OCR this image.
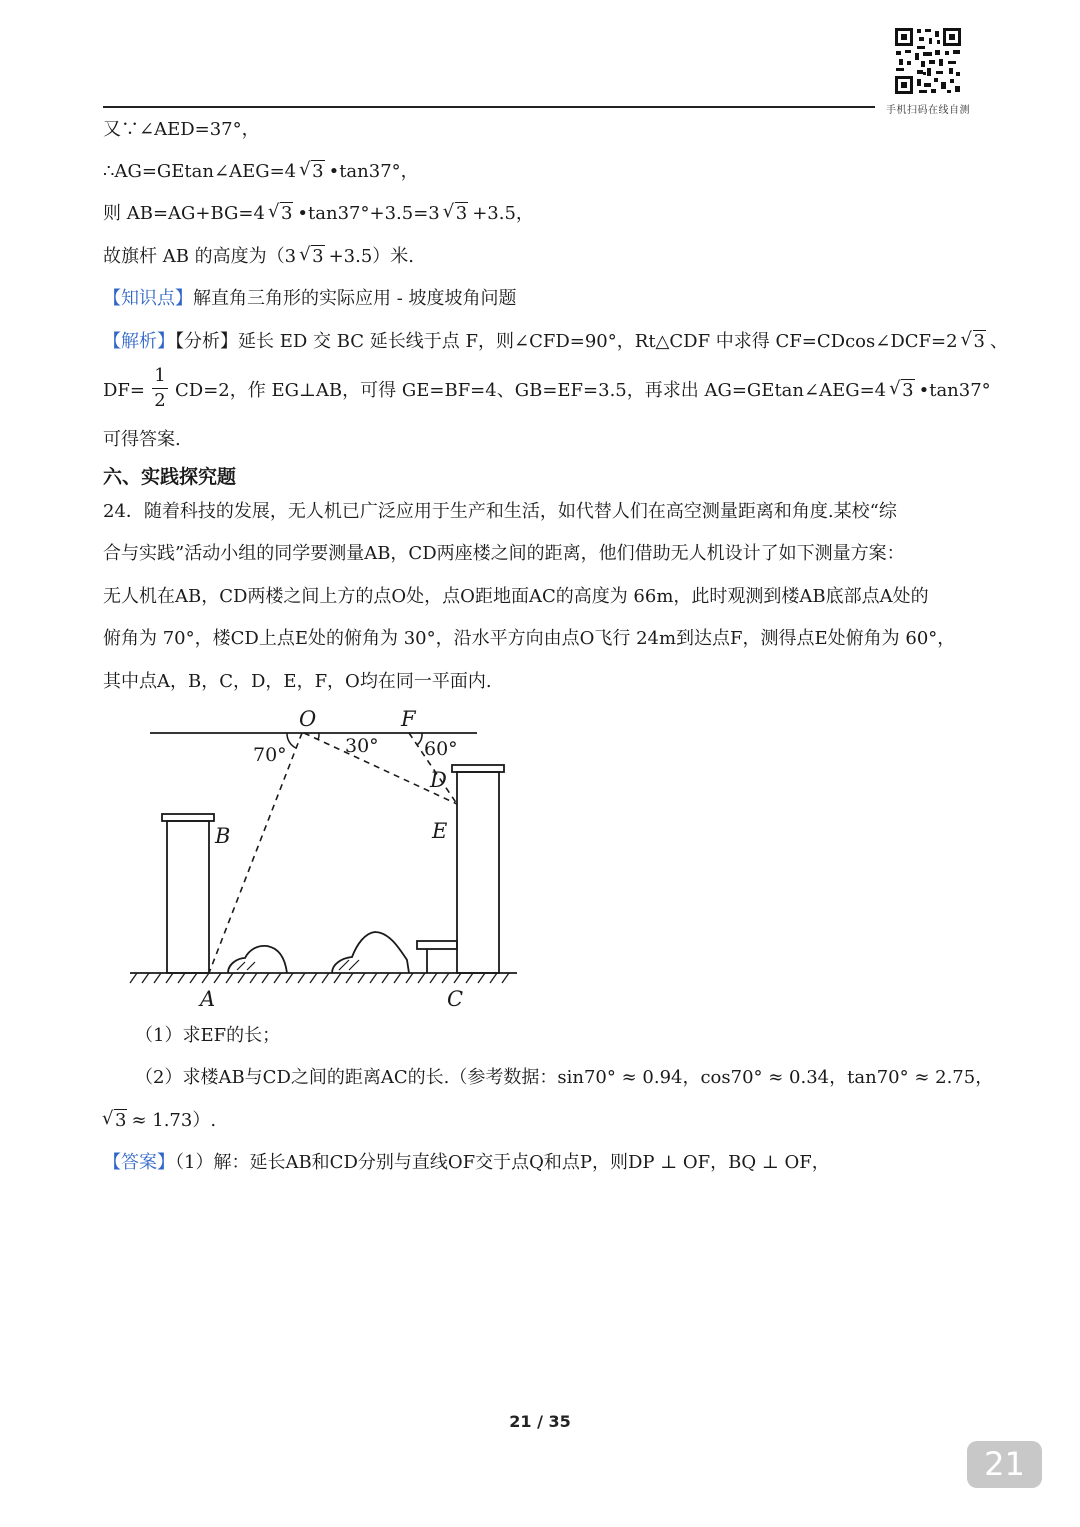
手机扫码在线自测
又∵∠AED=37°，
∴AG=GEtan∠AEG=4 √ 3 •tan37°，
则 AB=AG+BG=4 √ 3 •tan37°+3.5=3 √ 3 +3.5，
故旗杆 AB 的高度为（3 √ 3 +3.5）米.
【知识点】解直角三角形的实际应用 - 坡度坡角问题
【解析】【分析】延长 ED 交 BC 延长线于点 F，则∠CFD=90°，Rt△CDF 中求得 CF=CDcos∠DCF=2 √ 3 、
DF= CD=2，作 EG⊥AB，可得 GE=BF=4、GB=EF=3.5，再求出 AG=GEtan∠AEG=4 √ 3 •tan37°
1
2
可得答案.
六、实践探究题
24．随着科技的发展，无人机已广泛应用于生产和生活，如代替人们在高空测量距离和角度.某校“综
合与实践”活动小组的同学要测量AB，CD两座楼之间的距离，他们借助无人机设计了如下测量方案：
无人机在AB，CD两楼之间上方的点O处，点O距地面AC的高度为 66m，此时观测到楼AB底部点A处的
俯角为 70°，楼CD上点E处的俯角为 30°，沿水平方向由点O飞行 24m到达点F，测得点E处俯角为 60°，
其中点A，B，C，D，E，F，O均在同一平面内.
O	F
B
D
E
A	C
70°	30° 60°
（1）求EF的长；
（2）求楼AB与CD之间的距离AC的长.（参考数据：sin70° ≈ 0.94，cos70° ≈ 0.34，tan70° ≈ 2.75，
√ 3 ≈ 1.73）.
【答案】（1）解：延长AB和CD分别与直线OF交于点Q和点P，则DP ⊥ OF，BQ ⊥ OF，
21 / 35
21
